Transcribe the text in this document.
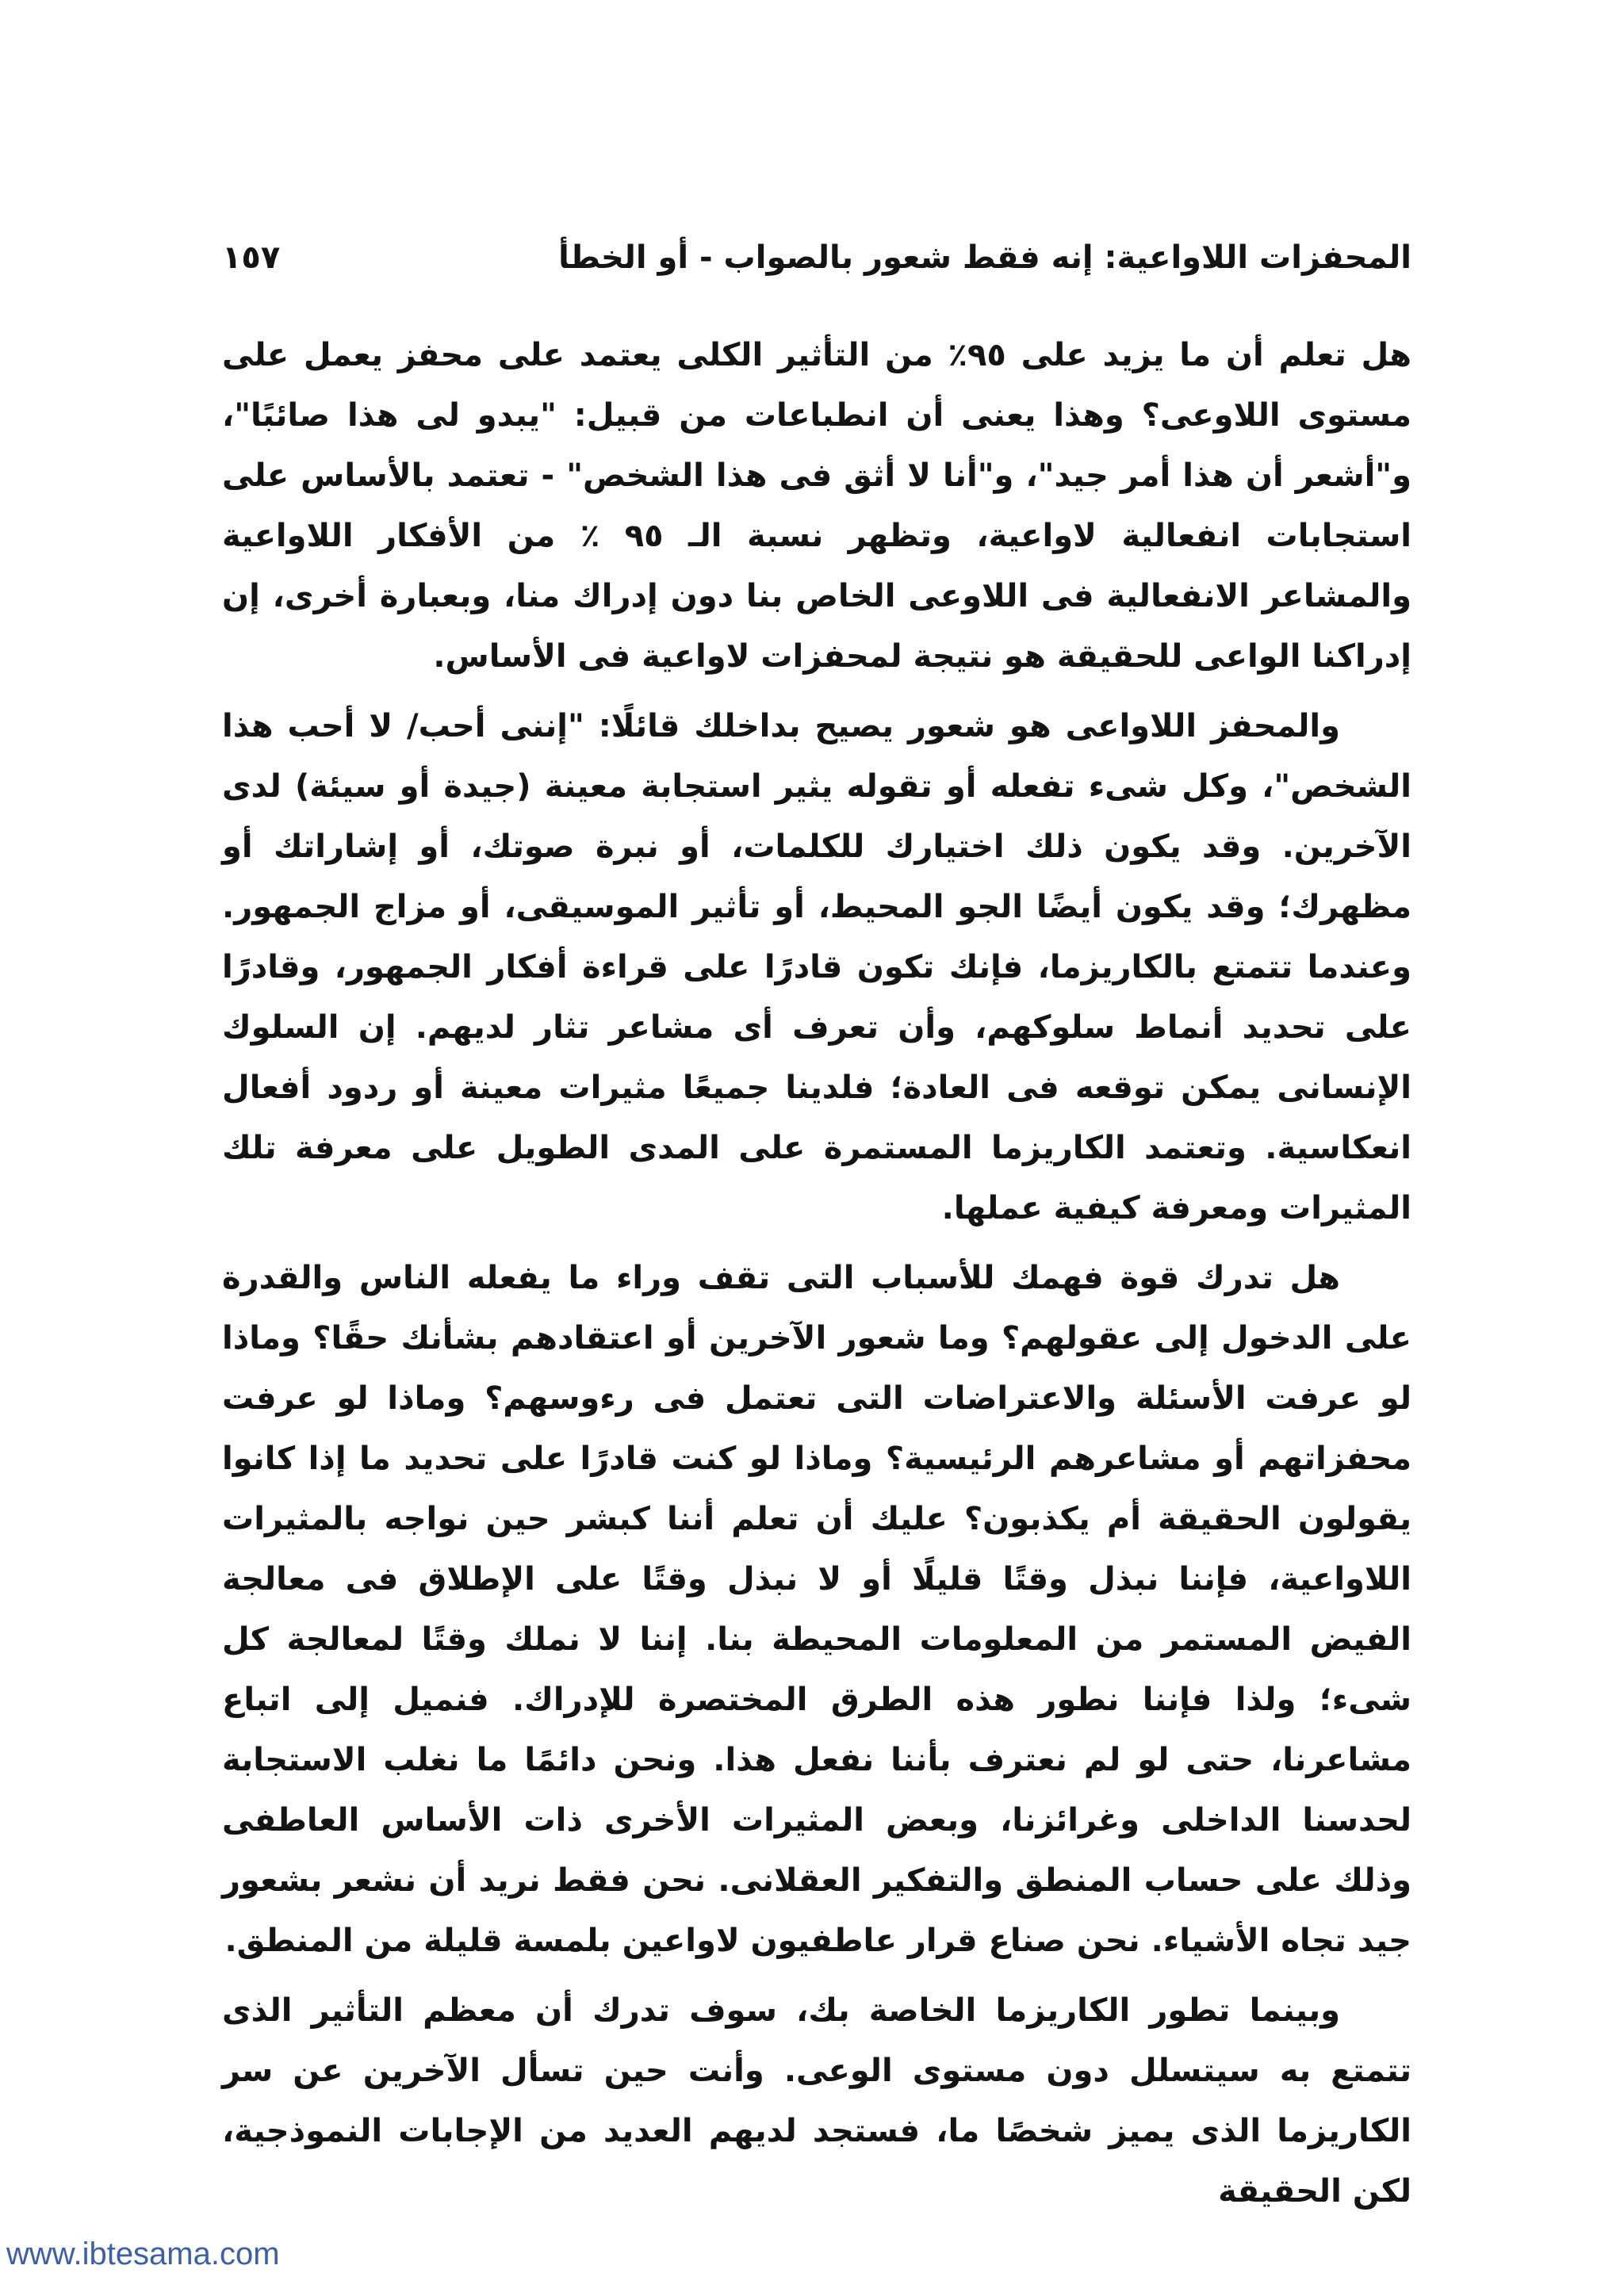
المحفزات اللاواعية: إنه فقط شعور بالصواب - أو الخطأ
١٥٧

هل تعلم أن ما يزيد على ٩٥٪ من التأثير الكلى يعتمد على محفز يعمل على مستوى اللاوعى؟ وهذا يعنى أن انطباعات من قبيل: "يبدو لى هذا صائبًا"، و"أشعر أن هذا أمر جيد"، و"أنا لا أثق فى هذا الشخص" - تعتمد بالأساس على استجابات انفعالية لاواعية، وتظهر نسبة الـ ٩٥ ٪ من الأفكار اللاواعية والمشاعر الانفعالية فى اللاوعى الخاص بنا دون إدراك منا، وبعبارة أخرى، إن إدراكنا الواعى للحقيقة هو نتيجة لمحفزات لاواعية فى الأساس.

والمحفز اللاواعى هو شعور يصيح بداخلك قائلًا: "إننى أحب/ لا أحب هذا الشخص"، وكل شىء تفعله أو تقوله يثير استجابة معينة (جيدة أو سيئة) لدى الآخرين. وقد يكون ذلك اختيارك للكلمات، أو نبرة صوتك، أو إشاراتك أو مظهرك؛ وقد يكون أيضًا الجو المحيط، أو تأثير الموسيقى، أو مزاج الجمهور. وعندما تتمتع بالكاريزما، فإنك تكون قادرًا على قراءة أفكار الجمهور، وقادرًا على تحديد أنماط سلوكهم، وأن تعرف أى مشاعر تثار لديهم. إن السلوك الإنسانى يمكن توقعه فى العادة؛ فلدينا جميعًا مثيرات معينة أو ردود أفعال انعكاسية. وتعتمد الكاريزما المستمرة على المدى الطويل على معرفة تلك المثيرات ومعرفة كيفية عملها.

هل تدرك قوة فهمك للأسباب التى تقف وراء ما يفعله الناس والقدرة على الدخول إلى عقولهم؟ وما شعور الآخرين أو اعتقادهم بشأنك حقًا؟ وماذا لو عرفت الأسئلة والاعتراضات التى تعتمل فى رءوسهم؟ وماذا لو عرفت محفزاتهم أو مشاعرهم الرئيسية؟ وماذا لو كنت قادرًا على تحديد ما إذا كانوا يقولون الحقيقة أم يكذبون؟ عليك أن تعلم أننا كبشر حين نواجه بالمثيرات اللاواعية، فإننا نبذل وقتًا قليلًا أو لا نبذل وقتًا على الإطلاق فى معالجة الفيض المستمر من المعلومات المحيطة بنا. إننا لا نملك وقتًا لمعالجة كل شىء؛ ولذا فإننا نطور هذه الطرق المختصرة للإدراك. فنميل إلى اتباع مشاعرنا، حتى لو لم نعترف بأننا نفعل هذا. ونحن دائمًا ما نغلب الاستجابة لحدسنا الداخلى وغرائزنا، وبعض المثيرات الأخرى ذات الأساس العاطفى وذلك على حساب المنطق والتفكير العقلانى. نحن فقط نريد أن نشعر بشعور جيد تجاه الأشياء. نحن صناع قرار عاطفيون لاواعين بلمسة قليلة من المنطق.

وبينما تطور الكاريزما الخاصة بك، سوف تدرك أن معظم التأثير الذى تتمتع به سيتسلل دون مستوى الوعى. وأنت حين تسأل الآخرين عن سر الكاريزما الذى يميز شخصًا ما، فستجد لديهم العديد من الإجابات النموذجية، لكن الحقيقة

www.ibtesama.com
